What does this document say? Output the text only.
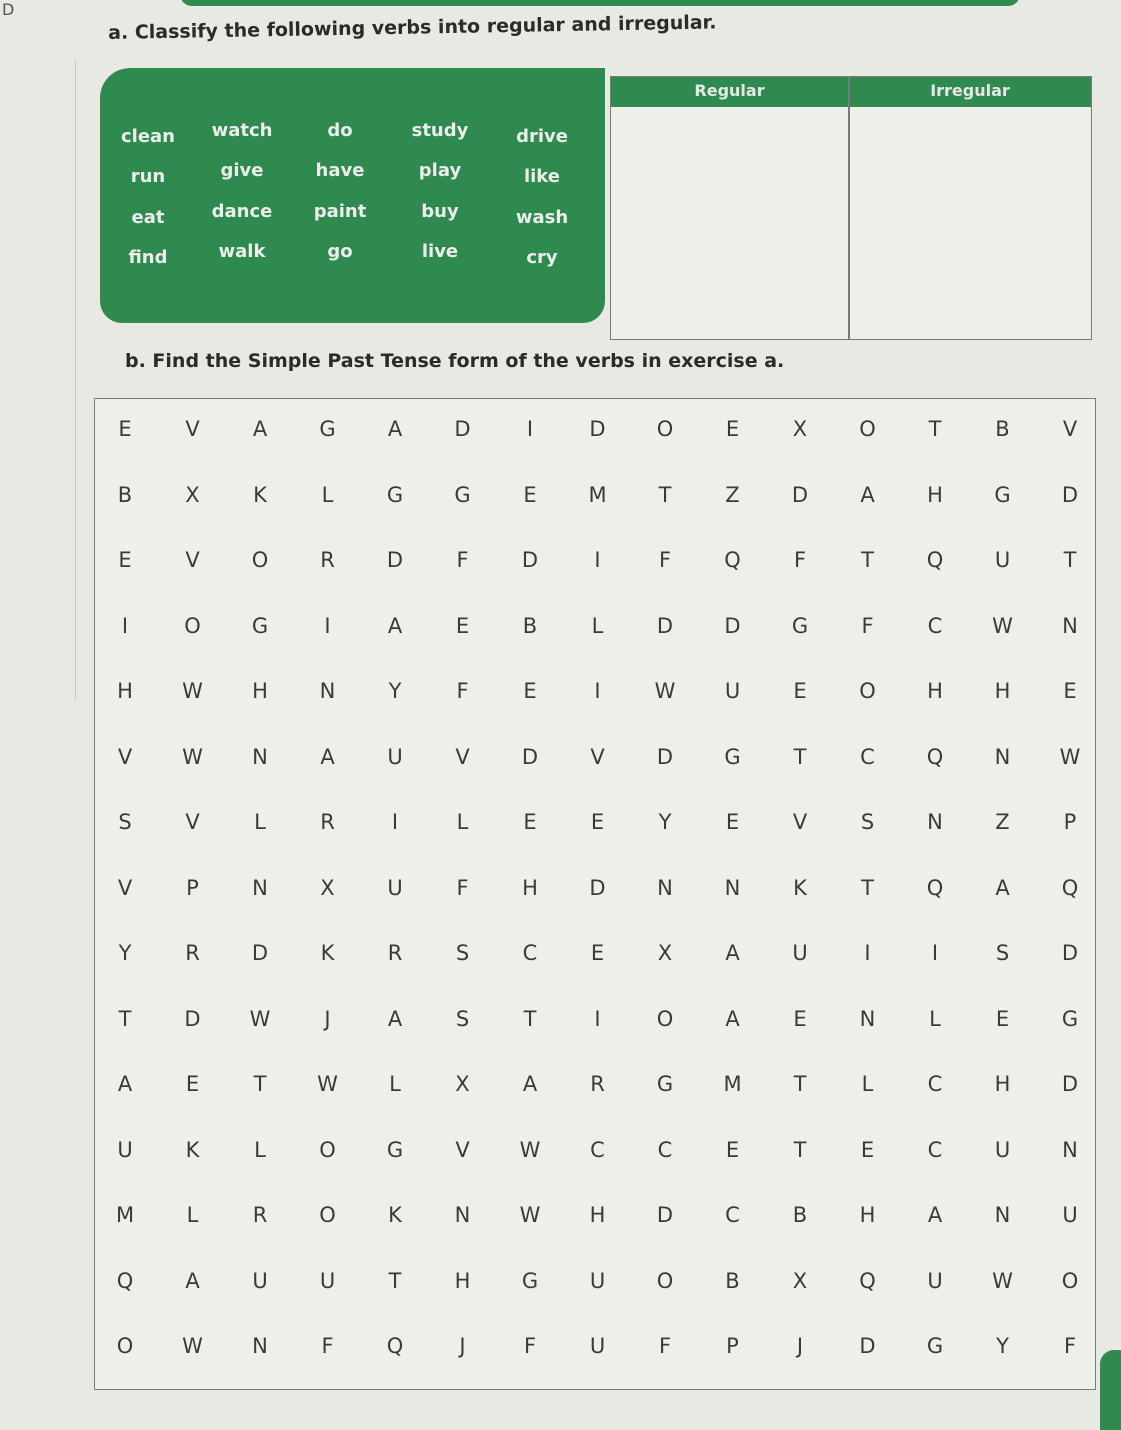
D
a. Classify the following verbs into regular and irregular.
clean	watch	do	study	drive
run	give	have	play	like
eat	dance	paint	buy	wash
find	walk	go	live	cry
Regular	Irregular
b. Find the Simple Past Tense form of the verbs in exercise a.
E	V	A	G	A	D	I	D	O	E	X	O	T	B	V
B	X	K	L	G	G	E	M	T	Z	D	A	H	G	D
E	V	O	R	D	F	D	I	F	Q	F	T	Q	U	T
I	O	G	I	A	E	B	L	D	D	G	F	C	W	N
H	W	H	N	Y	F	E	I	W	U	E	O	H	H	E
V	W	N	A	U	V	D	V	D	G	T	C	Q	N	W
S	V	L	R	I	L	E	E	Y	E	V	S	N	Z	P
V	P	N	X	U	F	H	D	N	N	K	T	Q	A	Q
Y	R	D	K	R	S	C	E	X	A	U	I	I	S	D
T	D	W	J	A	S	T	I	O	A	E	N	L	E	G
A	E	T	W	L	X	A	R	G	M	T	L	C	H	D
U	K	L	O	G	V	W	C	C	E	T	E	C	U	N
M	L	R	O	K	N	W	H	D	C	B	H	A	N	U
Q	A	U	U	T	H	G	U	O	B	X	Q	U	W	O
O	W	N	F	Q	J	F	U	F	P	J	D	G	Y	F
